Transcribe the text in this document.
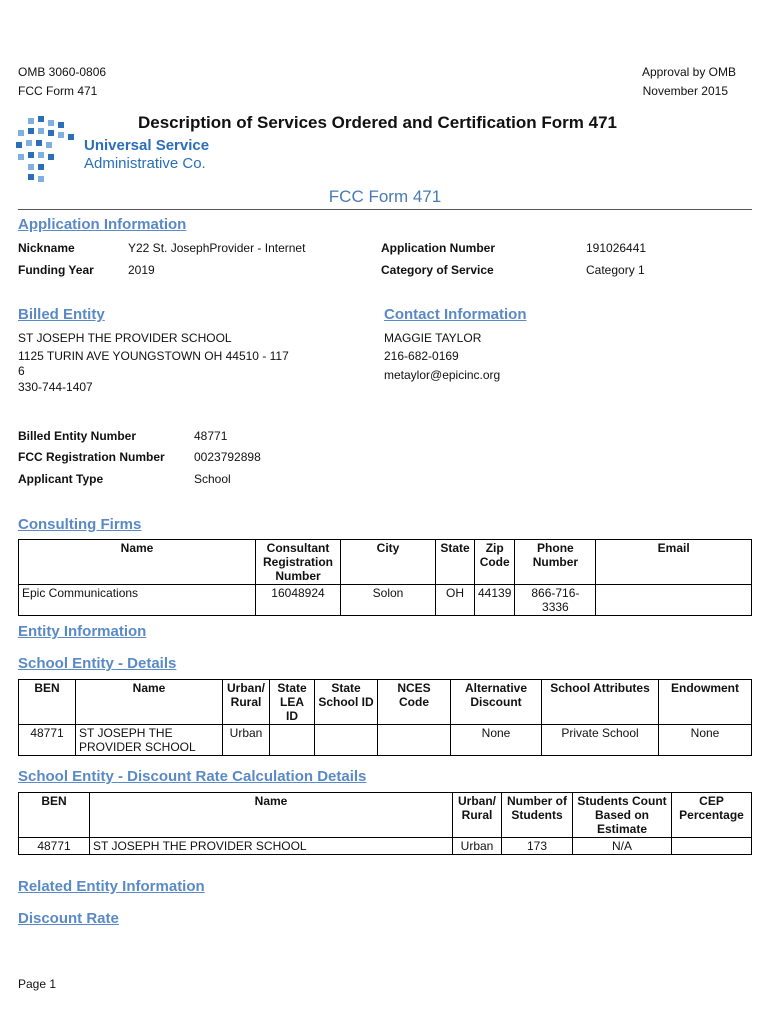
OMB 3060-0806
FCC Form 471
Approval by OMB
November 2015
Universal Service
Administrative Co.
Description of Services Ordered and Certification Form 471
FCC Form 471
Application Information
Nickname	Y22 St. JosephProvider - Internet
Funding Year	2019
Application Number	191026441
Category of Service	Category 1
Billed Entity
ST JOSEPH THE PROVIDER SCHOOL
1125 TURIN AVE YOUNGSTOWN OH 44510 - 117
6
330-744-1407
Contact Information
MAGGIE TAYLOR
216-682-0169
metaylor@epicinc.org
Billed Entity Number	48771
FCC Registration Number 0023792898
Applicant Type	School
Consulting Firms
Name	Consultant Registration Number	City	State	Zip Code	Phone Number	Email
Epic Communications	16048924	Solon	OH	44139	866-716-3336	
Entity Information
School Entity - Details
BEN	Name	Urban/ Rural	State LEA ID	State School ID	NCES Code	Alternative Discount	School Attributes	Endowment
48771	ST JOSEPH THE PROVIDER SCHOOL	Urban				None	Private School	None
School Entity - Discount Rate Calculation Details
BEN	Name	Urban/ Rural	Number of Students	Students Count Based on Estimate	CEP Percentage
48771	ST JOSEPH THE PROVIDER SCHOOL	Urban	173	N/A	
Related Entity Information
Discount Rate
Page 1
